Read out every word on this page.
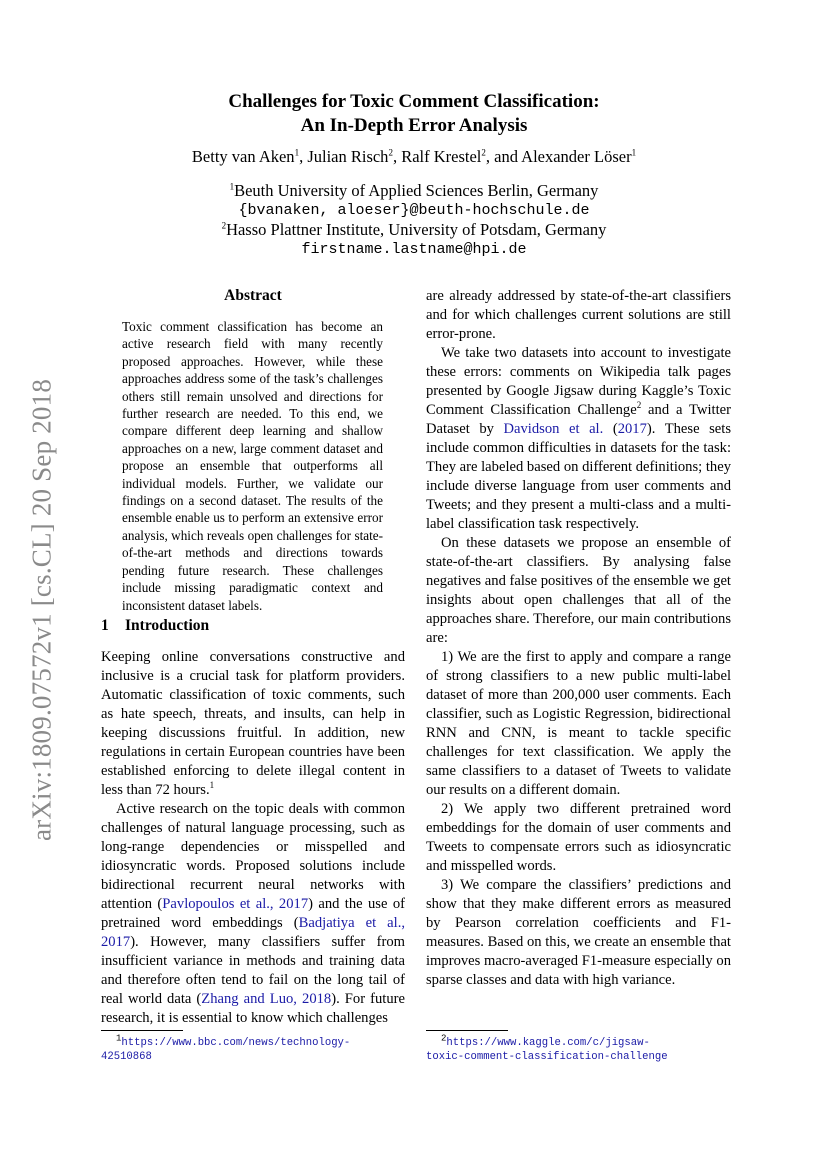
arXiv:1809.07572v1 [cs.CL] 20 Sep 2018
Challenges for Toxic Comment Classification:
An In-Depth Error Analysis
Betty van Aken$^1$, Julian Risch$^2$, Ralf Krestel$^2$, and Alexander Löser$^1$
$^1$Beuth University of Applied Sciences Berlin, Germany
{bvanaken, aloeser}@beuth-hochschule.de
$^2$Hasso Plattner Institute, University of Potsdam, Germany
firstname.lastname@hpi.de
Abstract
Toxic comment classification has become an active research field with many recently proposed approaches. However, while these approaches address some of the task’s challenges others still remain unsolved and directions for further research are needed. To this end, we compare different deep learning and shallow approaches on a new, large comment dataset and propose an ensemble that outperforms all individual models. Further, we validate our findings on a second dataset. The results of the ensemble enable us to perform an extensive error analysis, which reveals open challenges for state-of-the-art methods and directions towards pending future research. These challenges include missing paradigmatic context and inconsistent dataset labels.
1 Introduction

Keeping online conversations constructive and inclusive is a crucial task for platform providers. Automatic classification of toxic comments, such as hate speech, threats, and insults, can help in keeping discussions fruitful. In addition, new regulations in certain European countries have been established enforcing to delete illegal content in less than 72 hours.$^1$

Active research on the topic deals with common challenges of natural language processing, such as long-range dependencies or misspelled and idiosyncratic words. Proposed solutions include bidirectional recurrent neural networks with attention (Pavlopoulos et al., 2017) and the use of pretrained word embeddings (Badjatiya et al., 2017). However, many classifiers suffer from insufficient variance in methods and training data and therefore often tend to fail on the long tail of real world data (Zhang and Luo, 2018). For future research, it is essential to know which challenges

$^1$https://www.bbc.com/news/technology-
42510868

are already addressed by state-of-the-art classifiers and for which challenges current solutions are still error-prone.

We take two datasets into account to investigate these errors: comments on Wikipedia talk pages presented by Google Jigsaw during Kaggle’s Toxic Comment Classification Challenge$^2$ and a Twitter Dataset by Davidson et al. (2017). These sets include common difficulties in datasets for the task: They are labeled based on different definitions; they include diverse language from user comments and Tweets; and they present a multi-class and a multi-label classification task respectively.

On these datasets we propose an ensemble of state-of-the-art classifiers. By analysing false negatives and false positives of the ensemble we get insights about open challenges that all of the approaches share. Therefore, our main contributions are:

1) We are the first to apply and compare a range of strong classifiers to a new public multi-label dataset of more than 200,000 user comments. Each classifier, such as Logistic Regression, bidirectional RNN and CNN, is meant to tackle specific challenges for text classification. We apply the same classifiers to a dataset of Tweets to validate our results on a different domain.

2) We apply two different pretrained word embeddings for the domain of user comments and Tweets to compensate errors such as idiosyncratic and misspelled words.

3) We compare the classifiers’ predictions and show that they make different errors as measured by Pearson correlation coefficients and F1-measures. Based on this, we create an ensemble that improves macro-averaged F1-measure especially on sparse classes and data with high variance.

$^2$https://www.kaggle.com/c/jigsaw-
toxic-comment-classification-challenge
